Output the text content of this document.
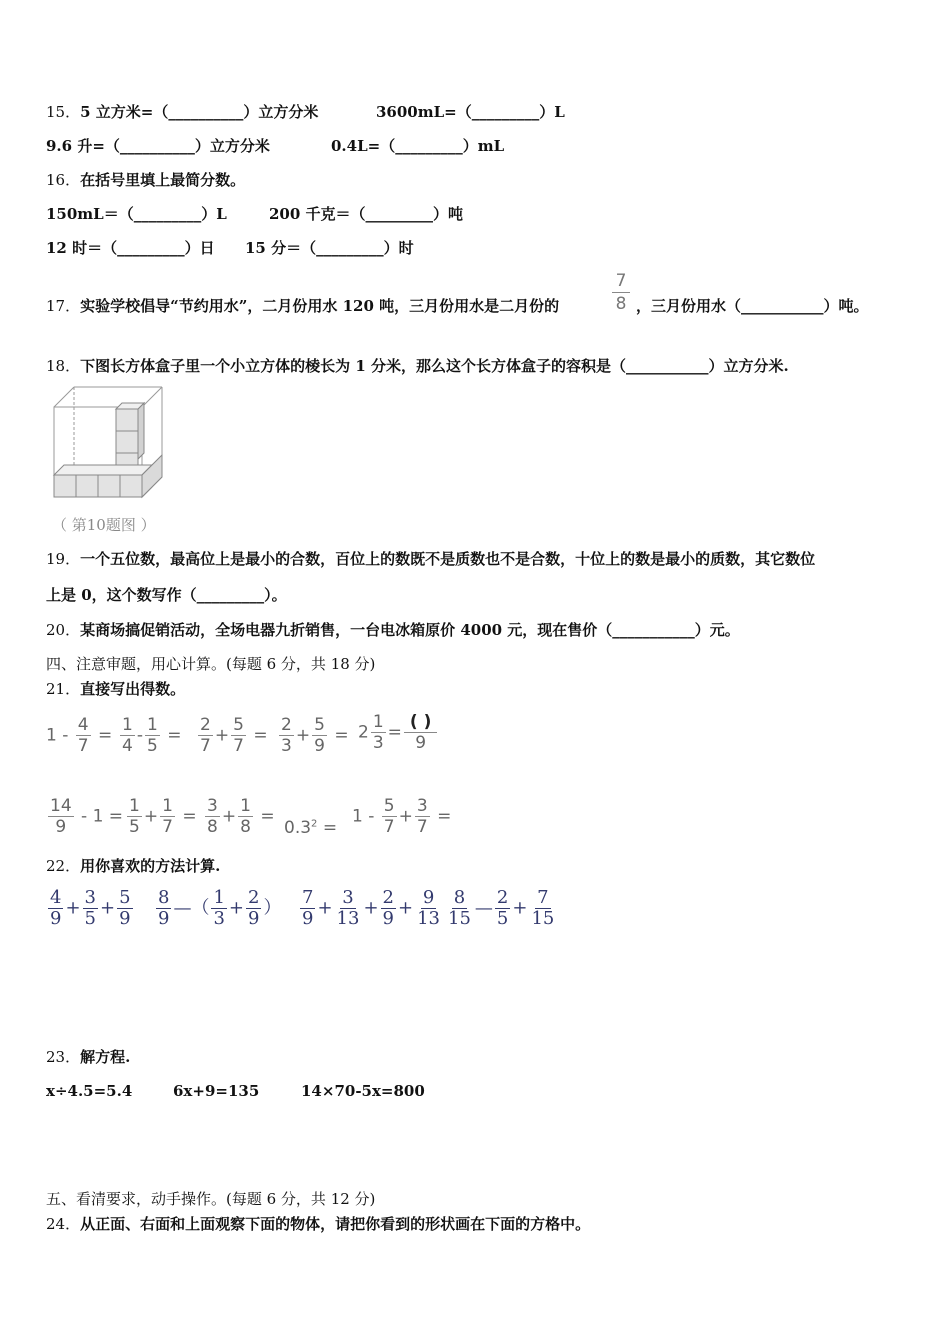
15．5 立方米=（__________）立方分米	3600mL=（_________）L
9.6 升=（__________）立方分米	0.4L=（_________）mL
16．在括号里填上最简分数。
150mL＝（_________）L	200 千克＝（_________）吨
12 时＝（_________）日 15 分＝（_________）时
17．实验学校倡导“节约用水”，二月份用水 120 吨，三月份用水是二月份的	$\frac{7}{8}$ ，三月份用水（___________）吨。
18．下图长方体盒子里一个小立方体的棱长为 1 分米，那么这个长方体盒子的容积是（___________）立方分米.
（ 第10题图 ）
19．一个五位数，最高位上是最小的合数，百位上的数既不是质数也不是合数，十位上的数是最小的质数，其它数位
上是 0，这个数写作（_________）。
20．某商场搞促销活动，全场电器九折销售，一台电冰箱原价 4000 元，现在售价（___________）元。
四、注意审题，用心计算。(每题 6 分，共 18 分)
21．直接写出得数。
$1 - \frac{4}{7} = \frac{1}{4} - \frac{1}{5} = \frac{2}{7} + \frac{5}{7} = \frac{2}{3} + \frac{5}{9} = 2 \frac{1}{3} = \frac{( )}{9}$
$\frac{14}{9} - 1 = \frac{1}{5} + \frac{1}{7} = \frac{3}{8} + \frac{1}{8}$ =
$0.3^2$ =
$1 - \frac{5}{7} + \frac{3}{7}$ =
22．用你喜欢的方法计算.
$\frac{4}{9} + \frac{3}{5} + \frac{5}{9} \frac{8}{9}$ —（ $\frac{1}{3} + \frac{2}{9}$ ） $\frac{7}{9} + \frac{3}{13} + \frac{2}{9} + \frac{9}{13} \frac{8}{15}$ — $\frac{2}{5} + \frac{7}{15}$
23．解方程.
x÷4.5=5.4	6x+9=135	14×70-5x=800
五、看清要求，动手操作。(每题 6 分，共 12 分)
24．从正面、右面和上面观察下面的物体，请把你看到的形状画在下面的方格中。
